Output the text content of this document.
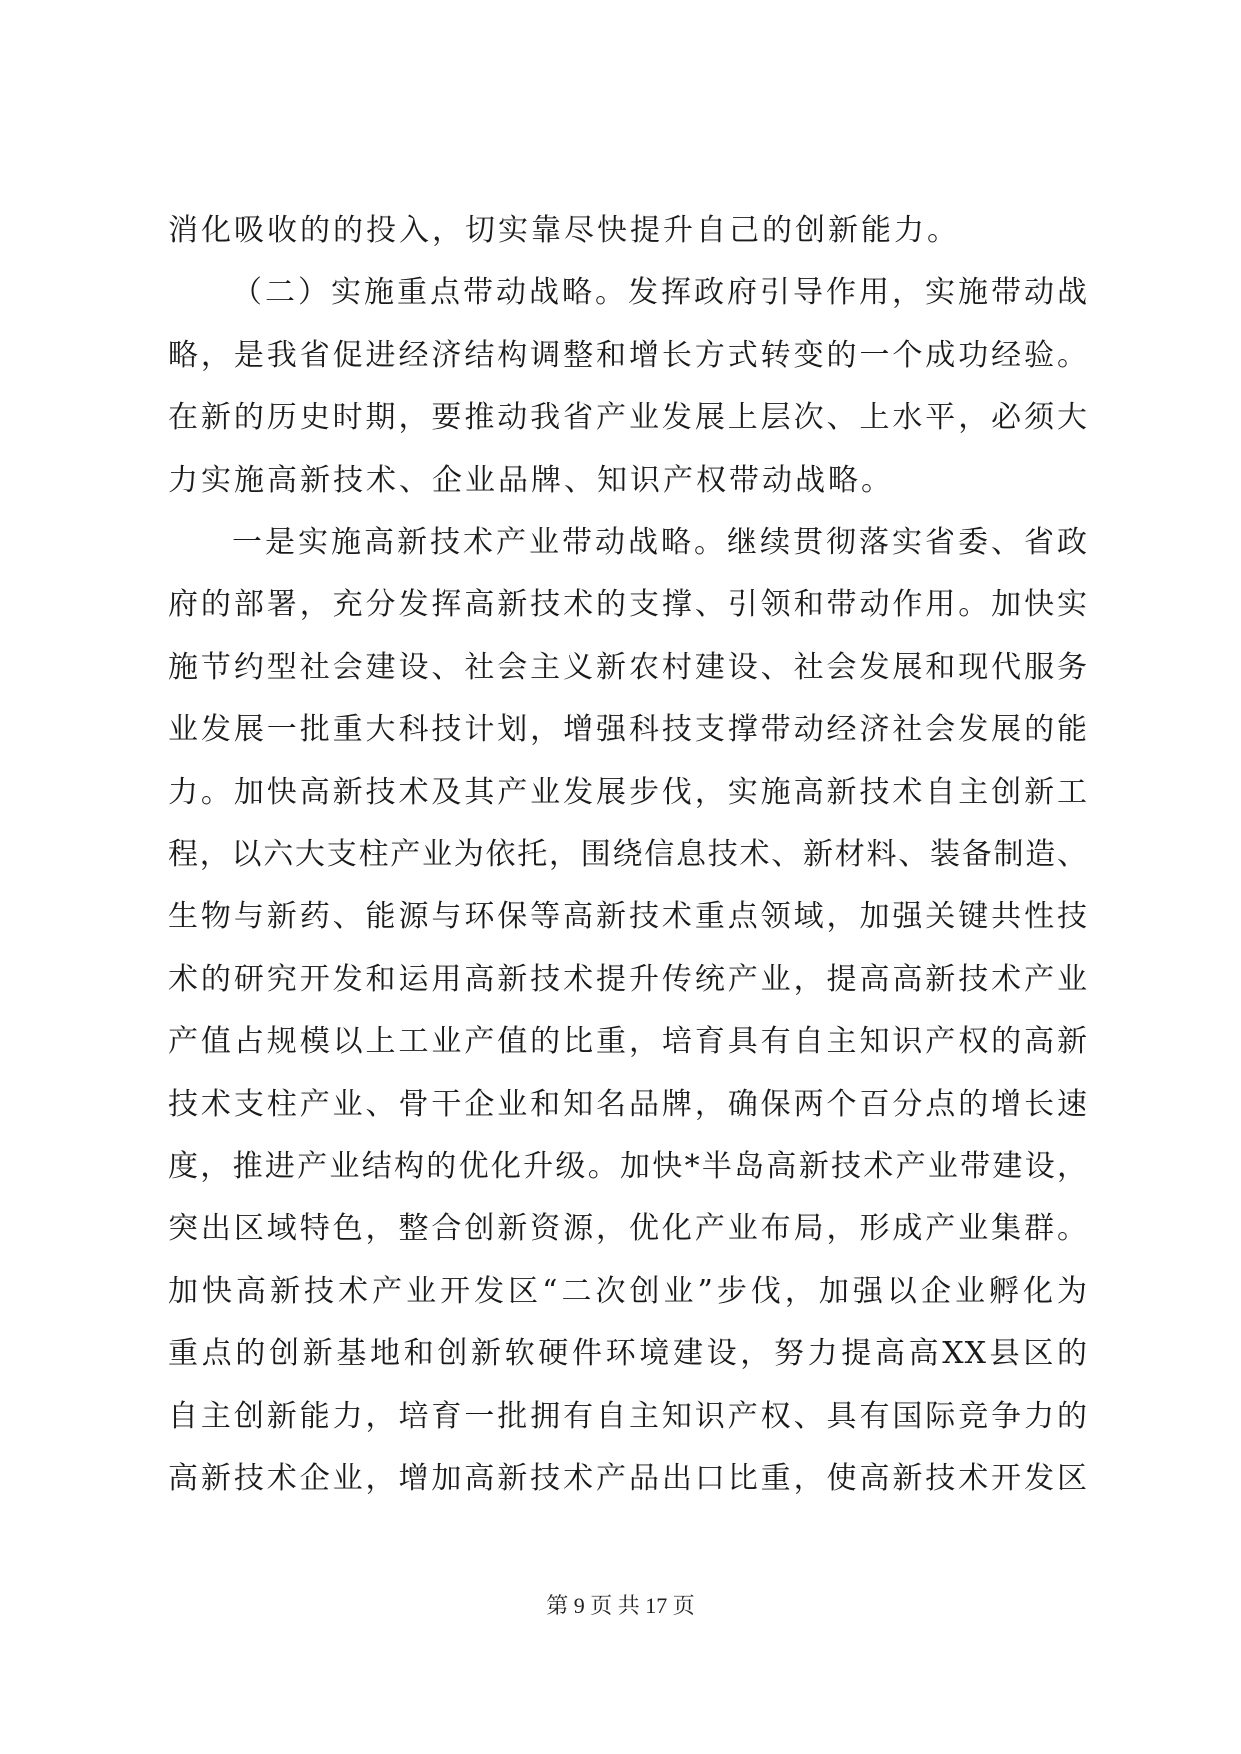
消化吸收的的投入，切实靠尽快提升自己的创新能力。
（二）实施重点带动战略。发挥政府引导作用，实施带动战
略，是我省促进经济结构调整和增长方式转变的一个成功经验。
在新的历史时期，要推动我省产业发展上层次、上水平，必须大
力实施高新技术、企业品牌、知识产权带动战略。
一是实施高新技术产业带动战略。继续贯彻落实省委、省政
府的部署，充分发挥高新技术的支撑、引领和带动作用。加快实
施节约型社会建设、社会主义新农村建设、社会发展和现代服务
业发展一批重大科技计划，增强科技支撑带动经济社会发展的能
力。加快高新技术及其产业发展步伐，实施高新技术自主创新工
程，以六大支柱产业为依托，围绕信息技术、新材料、装备制造、
生物与新药、能源与环保等高新技术重点领域，加强关键共性技
术的研究开发和运用高新技术提升传统产业，提高高新技术产业
产值占规模以上工业产值的比重，培育具有自主知识产权的高新
技术支柱产业、骨干企业和知名品牌，确保两个百分点的增长速
度，推进产业结构的优化升级。加快*半岛高新技术产业带建设，
突出区域特色，整合创新资源，优化产业布局，形成产业集群。
加快高新技术产业开发区“二次创业”步伐，加强以企业孵化为
重点的创新基地和创新软硬件环境建设，努力提高高XX县区的
自主创新能力，培育一批拥有自主知识产权、具有国际竞争力的
高新技术企业，增加高新技术产品出口比重，使高新技术开发区
第 9 页 共 17 页
